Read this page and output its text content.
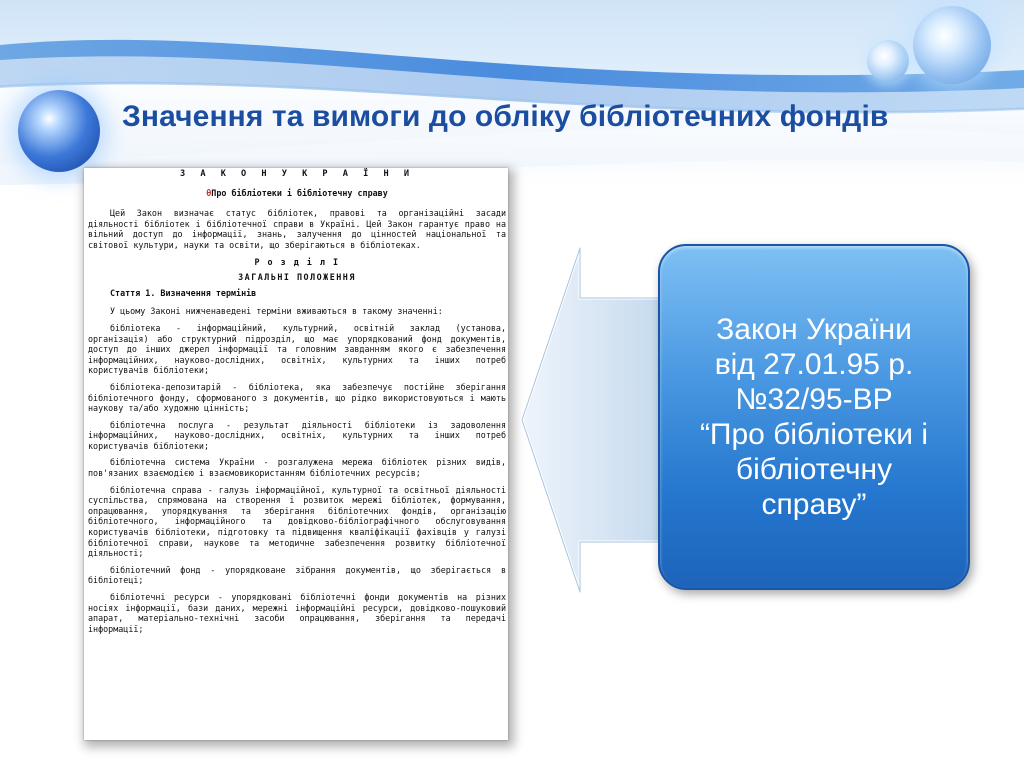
Значення та вимоги до обліку бібліотечних фондів
З А К О Н У К Р А Ї Н И
θПро бібліотеки і бібліотечну справу
Цей Закон визначає статус бібліотек, правові та організаційні засади діяльності бібліотек і бібліотечної справи в Україні. Цей Закон гарантує право на вільний доступ до інформації, знань, залучення до цінностей національної та світової культури, науки та освіти, що зберігаються в бібліотеках.
Р о з д і л I
ЗАГАЛЬНІ ПОЛОЖЕННЯ
Стаття 1. Визначення термінів
У цьому Законі нижченаведені терміни вживаються в такому значенні:
бібліотека - інформаційний, культурний, освітній заклад (установа, організація) або структурний підрозділ, що має упорядкований фонд документів, доступ до інших джерел інформації та головним завданням якого є забезпечення інформаційних, науково-дослідних, освітніх, культурних та інших потреб користувачів бібліотеки;
бібліотека-депозитарій - бібліотека, яка забезпечує постійне зберігання бібліотечного фонду, сформованого з документів, що рідко використовуються і мають наукову та/або художню цінність;
бібліотечна послуга - результат діяльності бібліотеки із задоволення інформаційних, науково-дослідних, освітніх, культурних та інших потреб користувачів бібліотеки;
бібліотечна система України - розгалужена мережа бібліотек різних видів, пов'язаних взаємодією і взаємовикористанням бібліотечних ресурсів;
бібліотечна справа - галузь інформаційної, культурної та освітньої діяльності суспільства, спрямована на створення і розвиток мережі бібліотек, формування, опрацювання, упорядкування та зберігання бібліотечних фондів, організацію бібліотечного, інформаційного та довідково-бібліографічного обслуговування користувачів бібліотеки, підготовку та підвищення кваліфікації фахівців у галузі бібліотечної справи, наукове та методичне забезпечення розвитку бібліотечної діяльності;
бібліотечний фонд - упорядковане зібрання документів, що зберігається в бібліотеці;
бібліотечні ресурси - упорядковані бібліотечні фонди документів на різних носіях інформації, бази даних, мережні інформаційні ресурси, довідково-пошуковий апарат, матеріально-технічні засоби опрацювання, зберігання та передачі інформації;
Закон України
від 27.01.95 р.
№32/95-ВР
“Про бібліотеки і
бібліотечну
справу”
